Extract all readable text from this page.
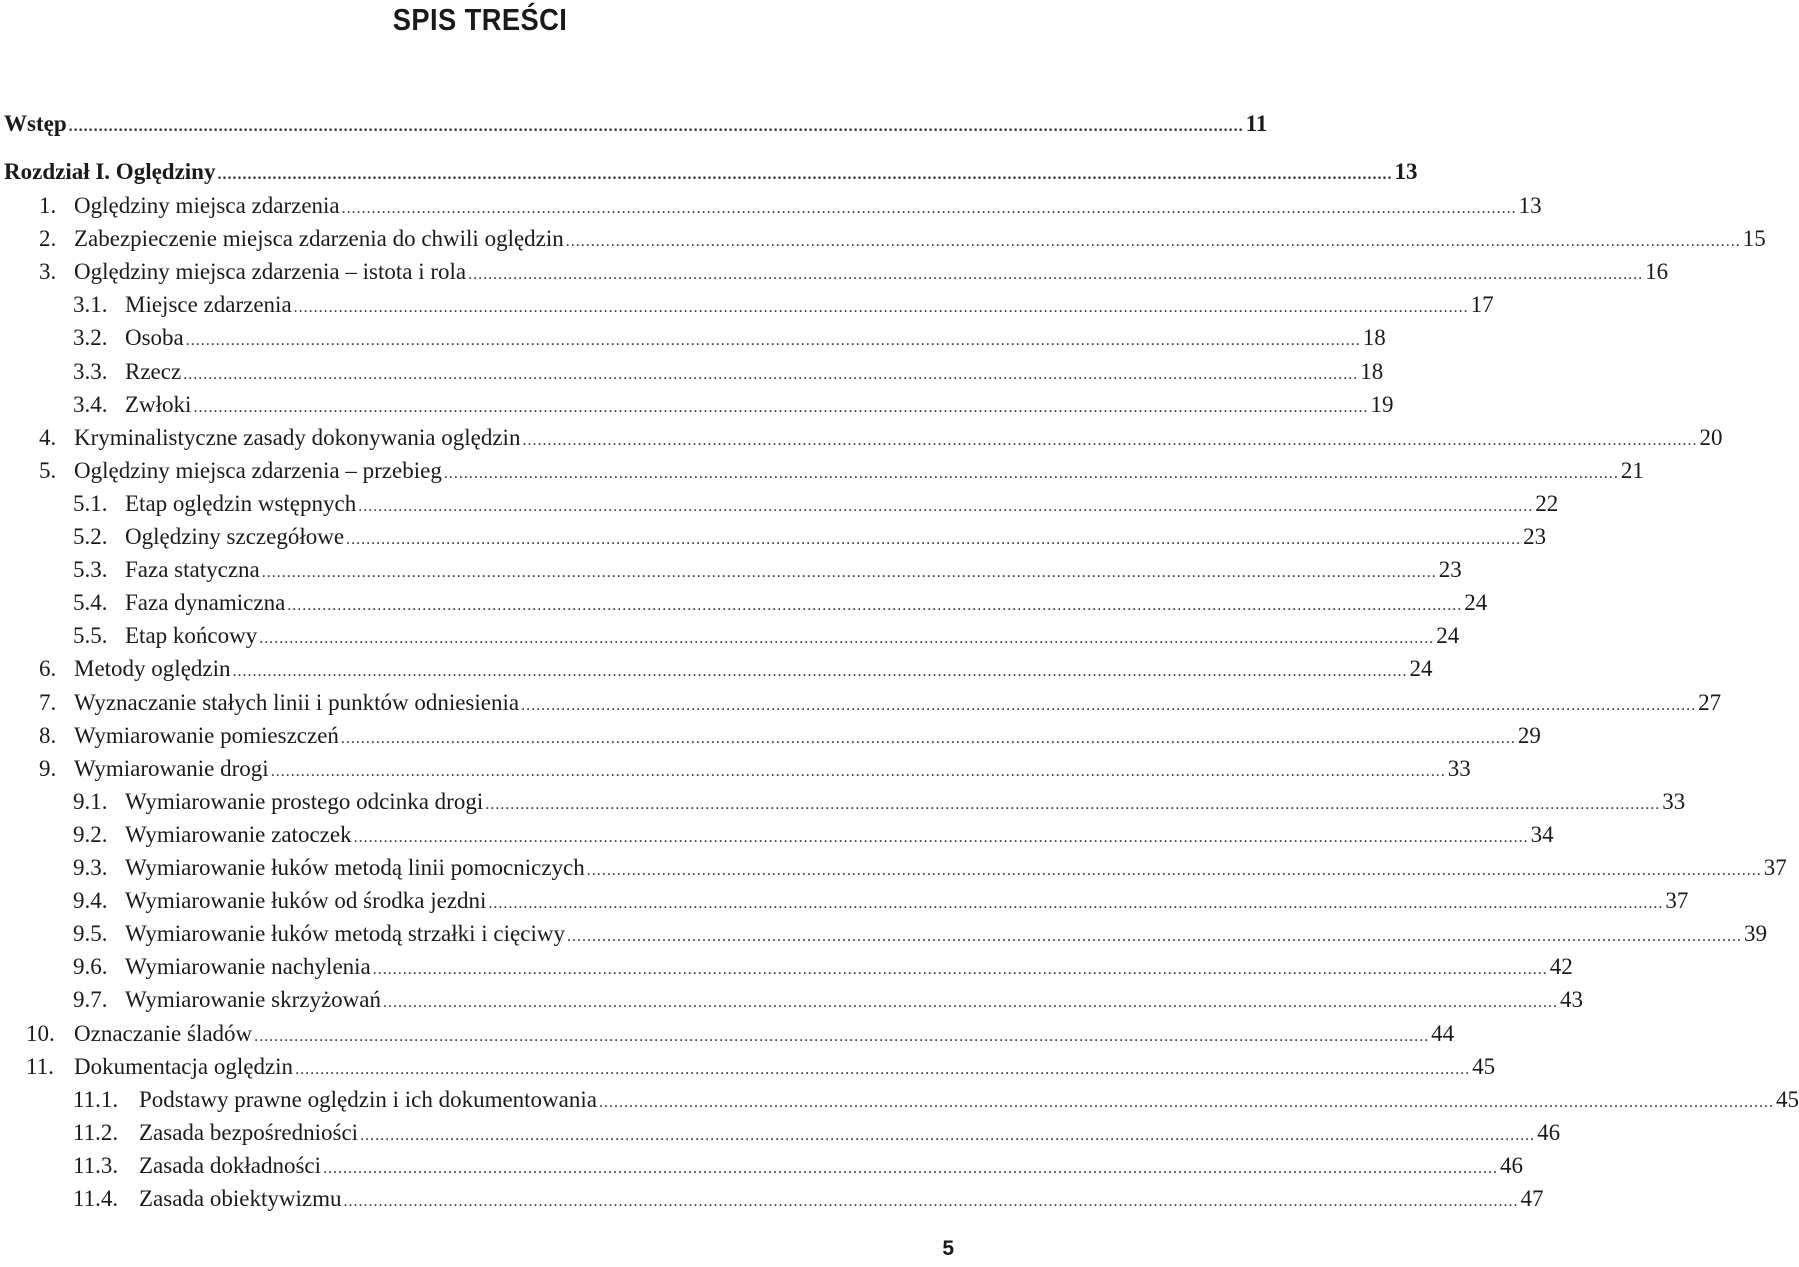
SPIS TREŚCI
Wstęp .....	11
Rozdział I. Oględziny .....	13
1. Oględziny miejsca zdarzenia .....	13
2. Zabezpieczenie miejsca zdarzenia do chwili oględzin .....	15
3. Oględziny miejsca zdarzenia – istota i rola .....	16
3.1. Miejsce zdarzenia .....	17
3.2. Osoba .....	18
3.3. Rzecz .....	18
3.4. Zwłoki .....	19
4. Kryminalistyczne zasady dokonywania oględzin .....	20
5. Oględziny miejsca zdarzenia – przebieg .....	21
5.1. Etap oględzin wstępnych .....	22
5.2. Oględziny szczegółowe .....	23
5.3. Faza statyczna .....	23
5.4. Faza dynamiczna .....	24
5.5. Etap końcowy .....	24
6. Metody oględzin .....	24
7. Wyznaczanie stałych linii i punktów odniesienia .....	27
8. Wymiarowanie pomieszczeń .....	29
9. Wymiarowanie drogi .....	33
9.1. Wymiarowanie prostego odcinka drogi .....	33
9.2. Wymiarowanie zatoczek .....	34
9.3. Wymiarowanie łuków metodą linii pomocniczych .....	37
9.4. Wymiarowanie łuków od środka jezdni .....	37
9.5. Wymiarowanie łuków metodą strzałki i cięciwy .....	39
9.6. Wymiarowanie nachylenia .....	42
9.7. Wymiarowanie skrzyżowań .....	43
10. Oznaczanie śladów .....	44
11. Dokumentacja oględzin .....	45
11.1. Podstawy prawne oględzin i ich dokumentowania .....	45
11.2. Zasada bezpośredniości .....	46
11.3. Zasada dokładności .....	46
11.4. Zasada obiektywizmu .....	47
5
